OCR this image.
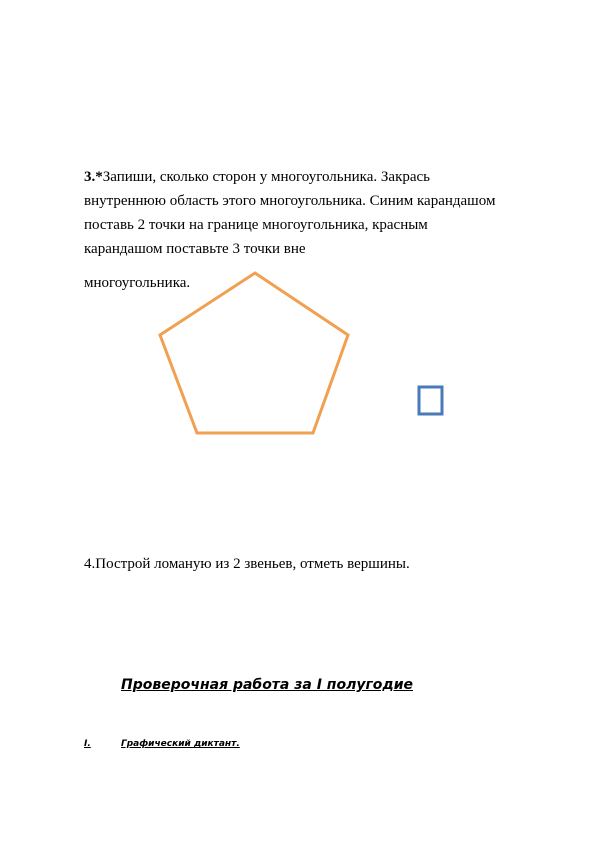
3.*Запиши, сколько сторон у многоугольника. Закрась
внутреннюю область этого многоугольника. Синим карандашом
поставь 2 точки на границе многоугольника, красным
карандашом поставьте 3 точки вне
многоугольника.
4.Построй ломаную из 2 звеньев, отметь вершины.
Проверочная работа за I полугодие
I.	Графический диктант.
